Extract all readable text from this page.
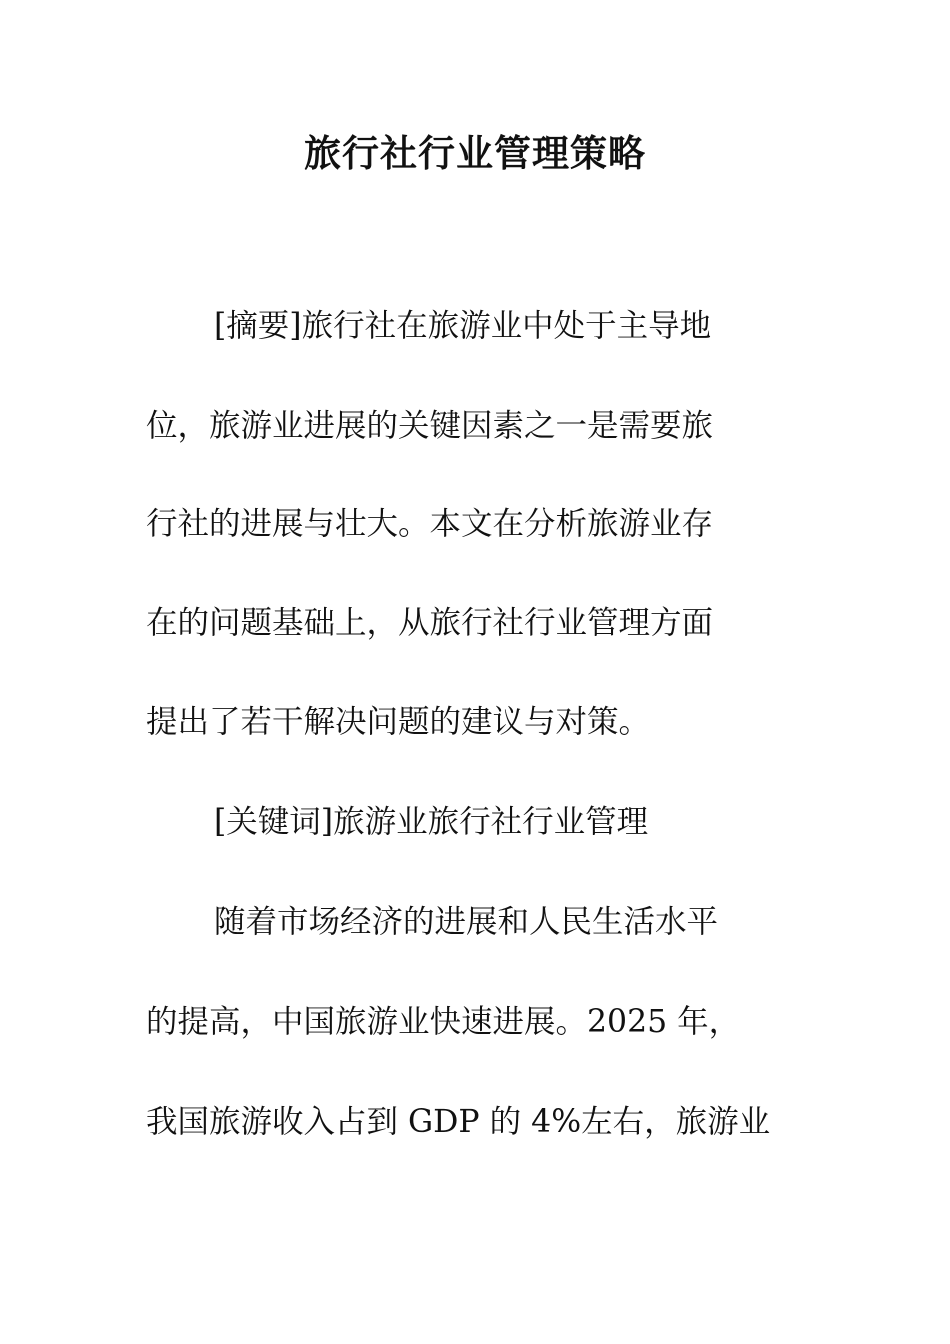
旅行社行业管理策略

[摘要]旅行社在旅游业中处于主导地

位，旅游业进展的关键因素之一是需要旅

行社的进展与壮大。本文在分析旅游业存

在的问题基础上，从旅行社行业管理方面

提出了若干解决问题的建议与对策。

[关键词]旅游业旅行社行业管理

随着市场经济的进展和人民生活水平

的提高，中国旅游业快速进展。2025 年，

我国旅游收入占到 GDP 的 4%左右，旅游业
